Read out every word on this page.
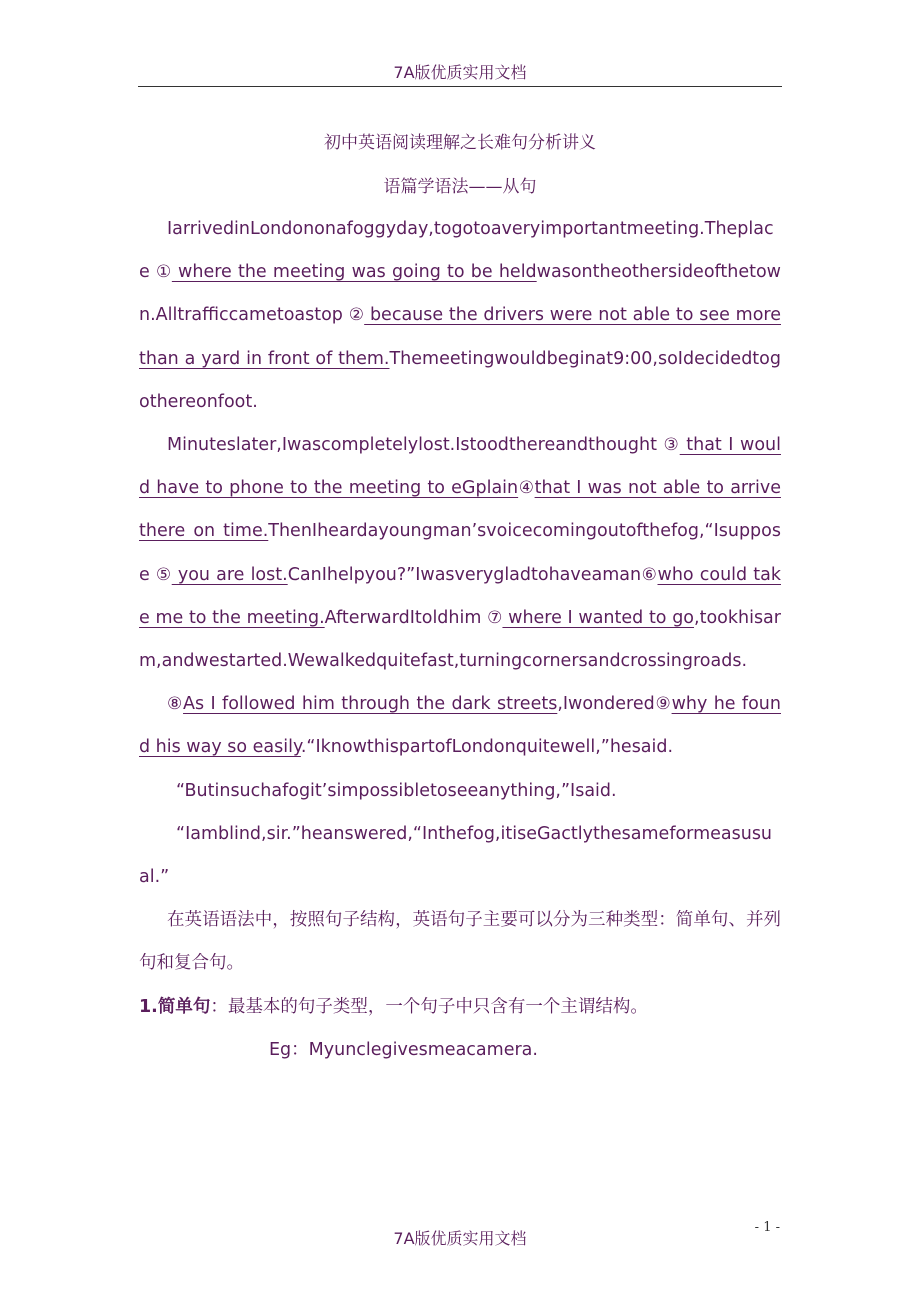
7A版优质实用文档
初中英语阅读理解之长难句分析讲义
语篇学语法——从句

IarrivedinLondononafoggyday,togotoaveryimportantmeeting.Theplace ① where the meeting was going to be heldwasontheothersideofthetown.Alltrafficcametoastop ② because the drivers were not able to see more than a yard in front of them.Themeetingwouldbeginat9:00,soIdecidedtogothereonfoot.

Minuteslater,Iwascompletelylost.Istoodthereandthought ③ that I would have to phone to the meeting to eGplain④that I was not able to arrive there on time.ThenIheardayoungman’svoicecomingoutofthefog,“Isuppose ⑤ you are lost.CanIhelpyou?”Iwasverygladtohaveaman⑥who could take me to the meeting.AfterwardItoldhim ⑦ where I wanted to go,tookhisarm,andwestarted.Wewalkedquitefast,turningcornersandcrossingroads.

⑧As I followed him through the dark streets,Iwondered⑨why he found his way so easily.“IknowthispartofLondonquitewell,”hesaid.

“Butinsuchafogit’simpossibletoseeanything,”Isaid.

“Iamblind,sir.”heanswered,“Inthefog,itiseGactlythesameformeasusual.”

在英语语法中，按照句子结构，英语句子主要可以分为三种类型：简单句、并列句和复合句。

1.简单句：最基本的句子类型，一个句子中只含有一个主谓结构。

Eg：Myunclegivesmeacamera.

- 1 -
7A版优质实用文档
